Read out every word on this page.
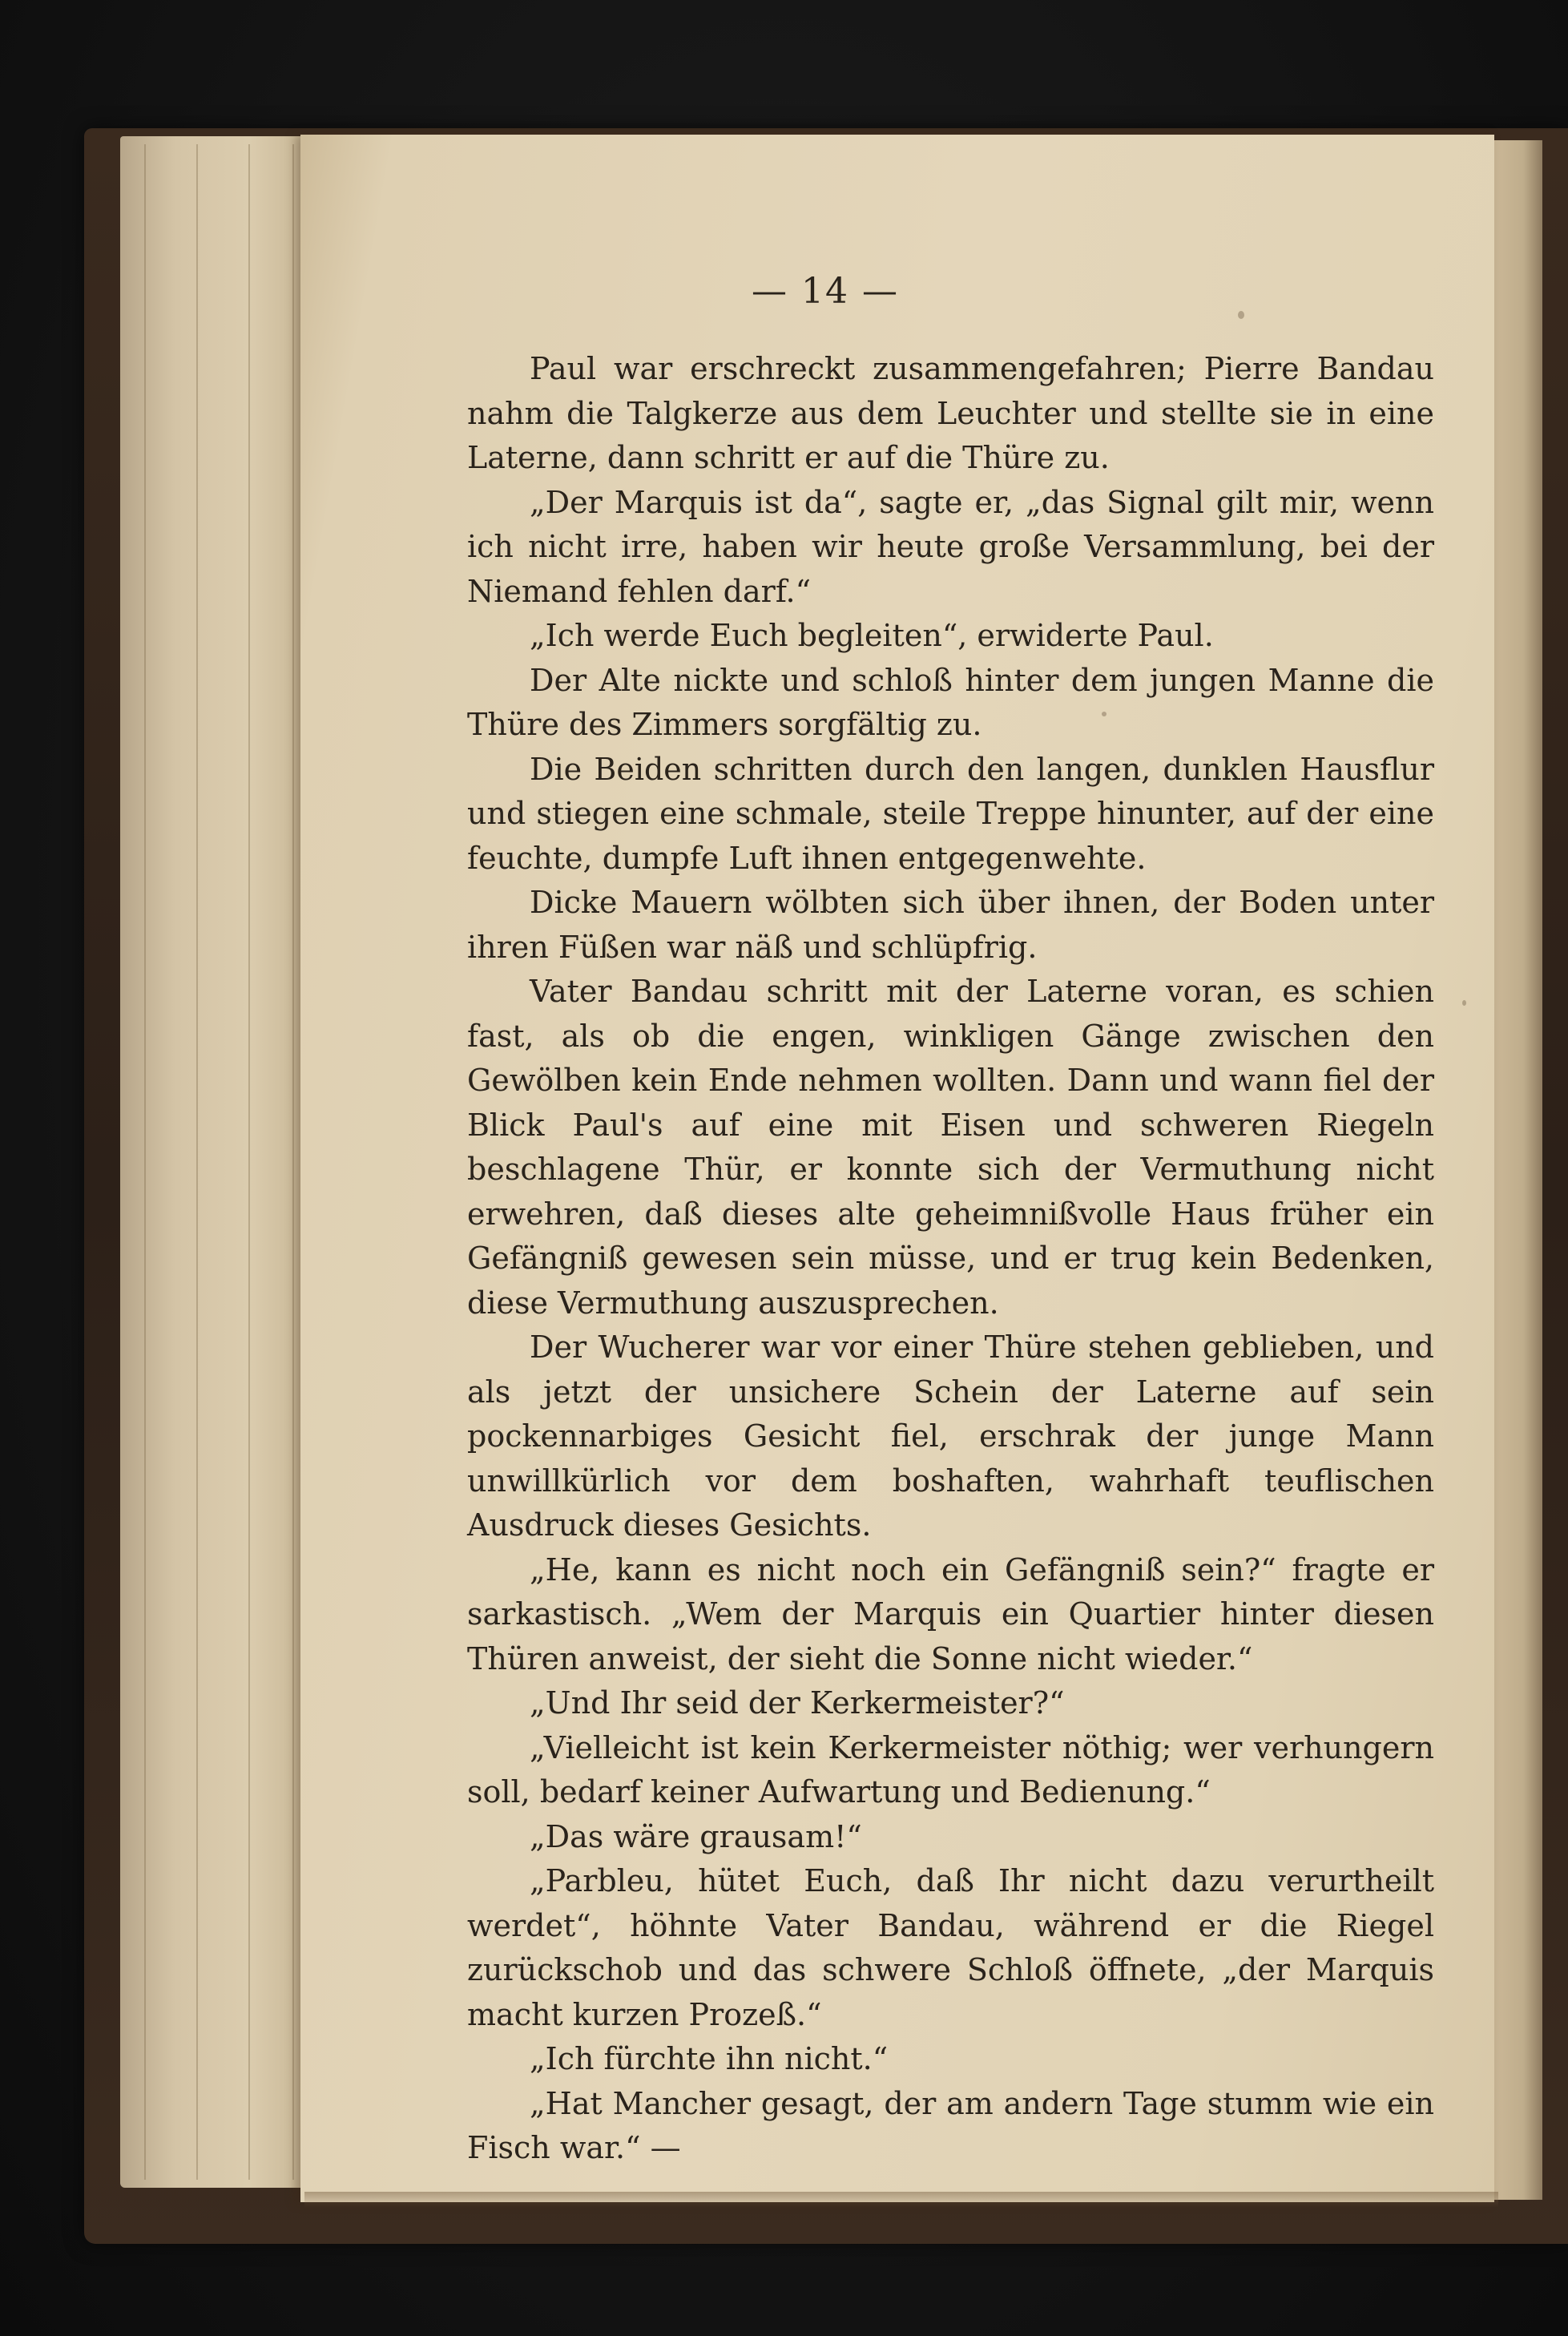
— 14 —

Paul war erschreckt zusammengefahren; Pierre Bandau nahm die Talgkerze aus dem Leuchter und stellte sie in eine Laterne, dann schritt er auf die Thüre zu.

„Der Marquis ist da“, sagte er, „das Signal gilt mir, wenn ich nicht irre, haben wir heute große Versammlung, bei der Niemand fehlen darf.“

„Ich werde Euch begleiten“, erwiderte Paul.

Der Alte nickte und schloß hinter dem jungen Manne die Thüre des Zimmers sorgfältig zu.

Die Beiden schritten durch den langen, dunklen Hausflur und stiegen eine schmale, steile Treppe hinunter, auf der eine feuchte, dumpfe Luft ihnen entgegenwehte.

Dicke Mauern wölbten sich über ihnen, der Boden unter ihren Füßen war näß und schlüpfrig.

Vater Bandau schritt mit der Laterne voran, es schien fast, als ob die engen, winkligen Gänge zwischen den Gewölben kein Ende nehmen wollten. Dann und wann fiel der Blick Paul's auf eine mit Eisen und schweren Riegeln beschlagene Thür, er konnte sich der Vermuthung nicht erwehren, daß dieses alte geheimnißvolle Haus früher ein Gefängniß gewesen sein müsse, und er trug kein Bedenken, diese Vermuthung auszusprechen.

Der Wucherer war vor einer Thüre stehen geblieben, und als jetzt der unsichere Schein der Laterne auf sein pockennarbiges Gesicht fiel, erschrak der junge Mann unwillkürlich vor dem boshaften, wahrhaft teuflischen Ausdruck dieses Gesichts.

„He, kann es nicht noch ein Gefängniß sein?“ fragte er sarkastisch. „Wem der Marquis ein Quartier hinter diesen Thüren anweist, der sieht die Sonne nicht wieder.“

„Und Ihr seid der Kerkermeister?“

„Vielleicht ist kein Kerkermeister nöthig; wer verhungern soll, bedarf keiner Aufwartung und Bedienung.“

„Das wäre grausam!“

„Parbleu, hütet Euch, daß Ihr nicht dazu verurtheilt werdet“, höhnte Vater Bandau, während er die Riegel zurückschob und das schwere Schloß öffnete, „der Marquis macht kurzen Prozeß.“

„Ich fürchte ihn nicht.“

„Hat Mancher gesagt, der am andern Tage stumm wie ein Fisch war.“ —
